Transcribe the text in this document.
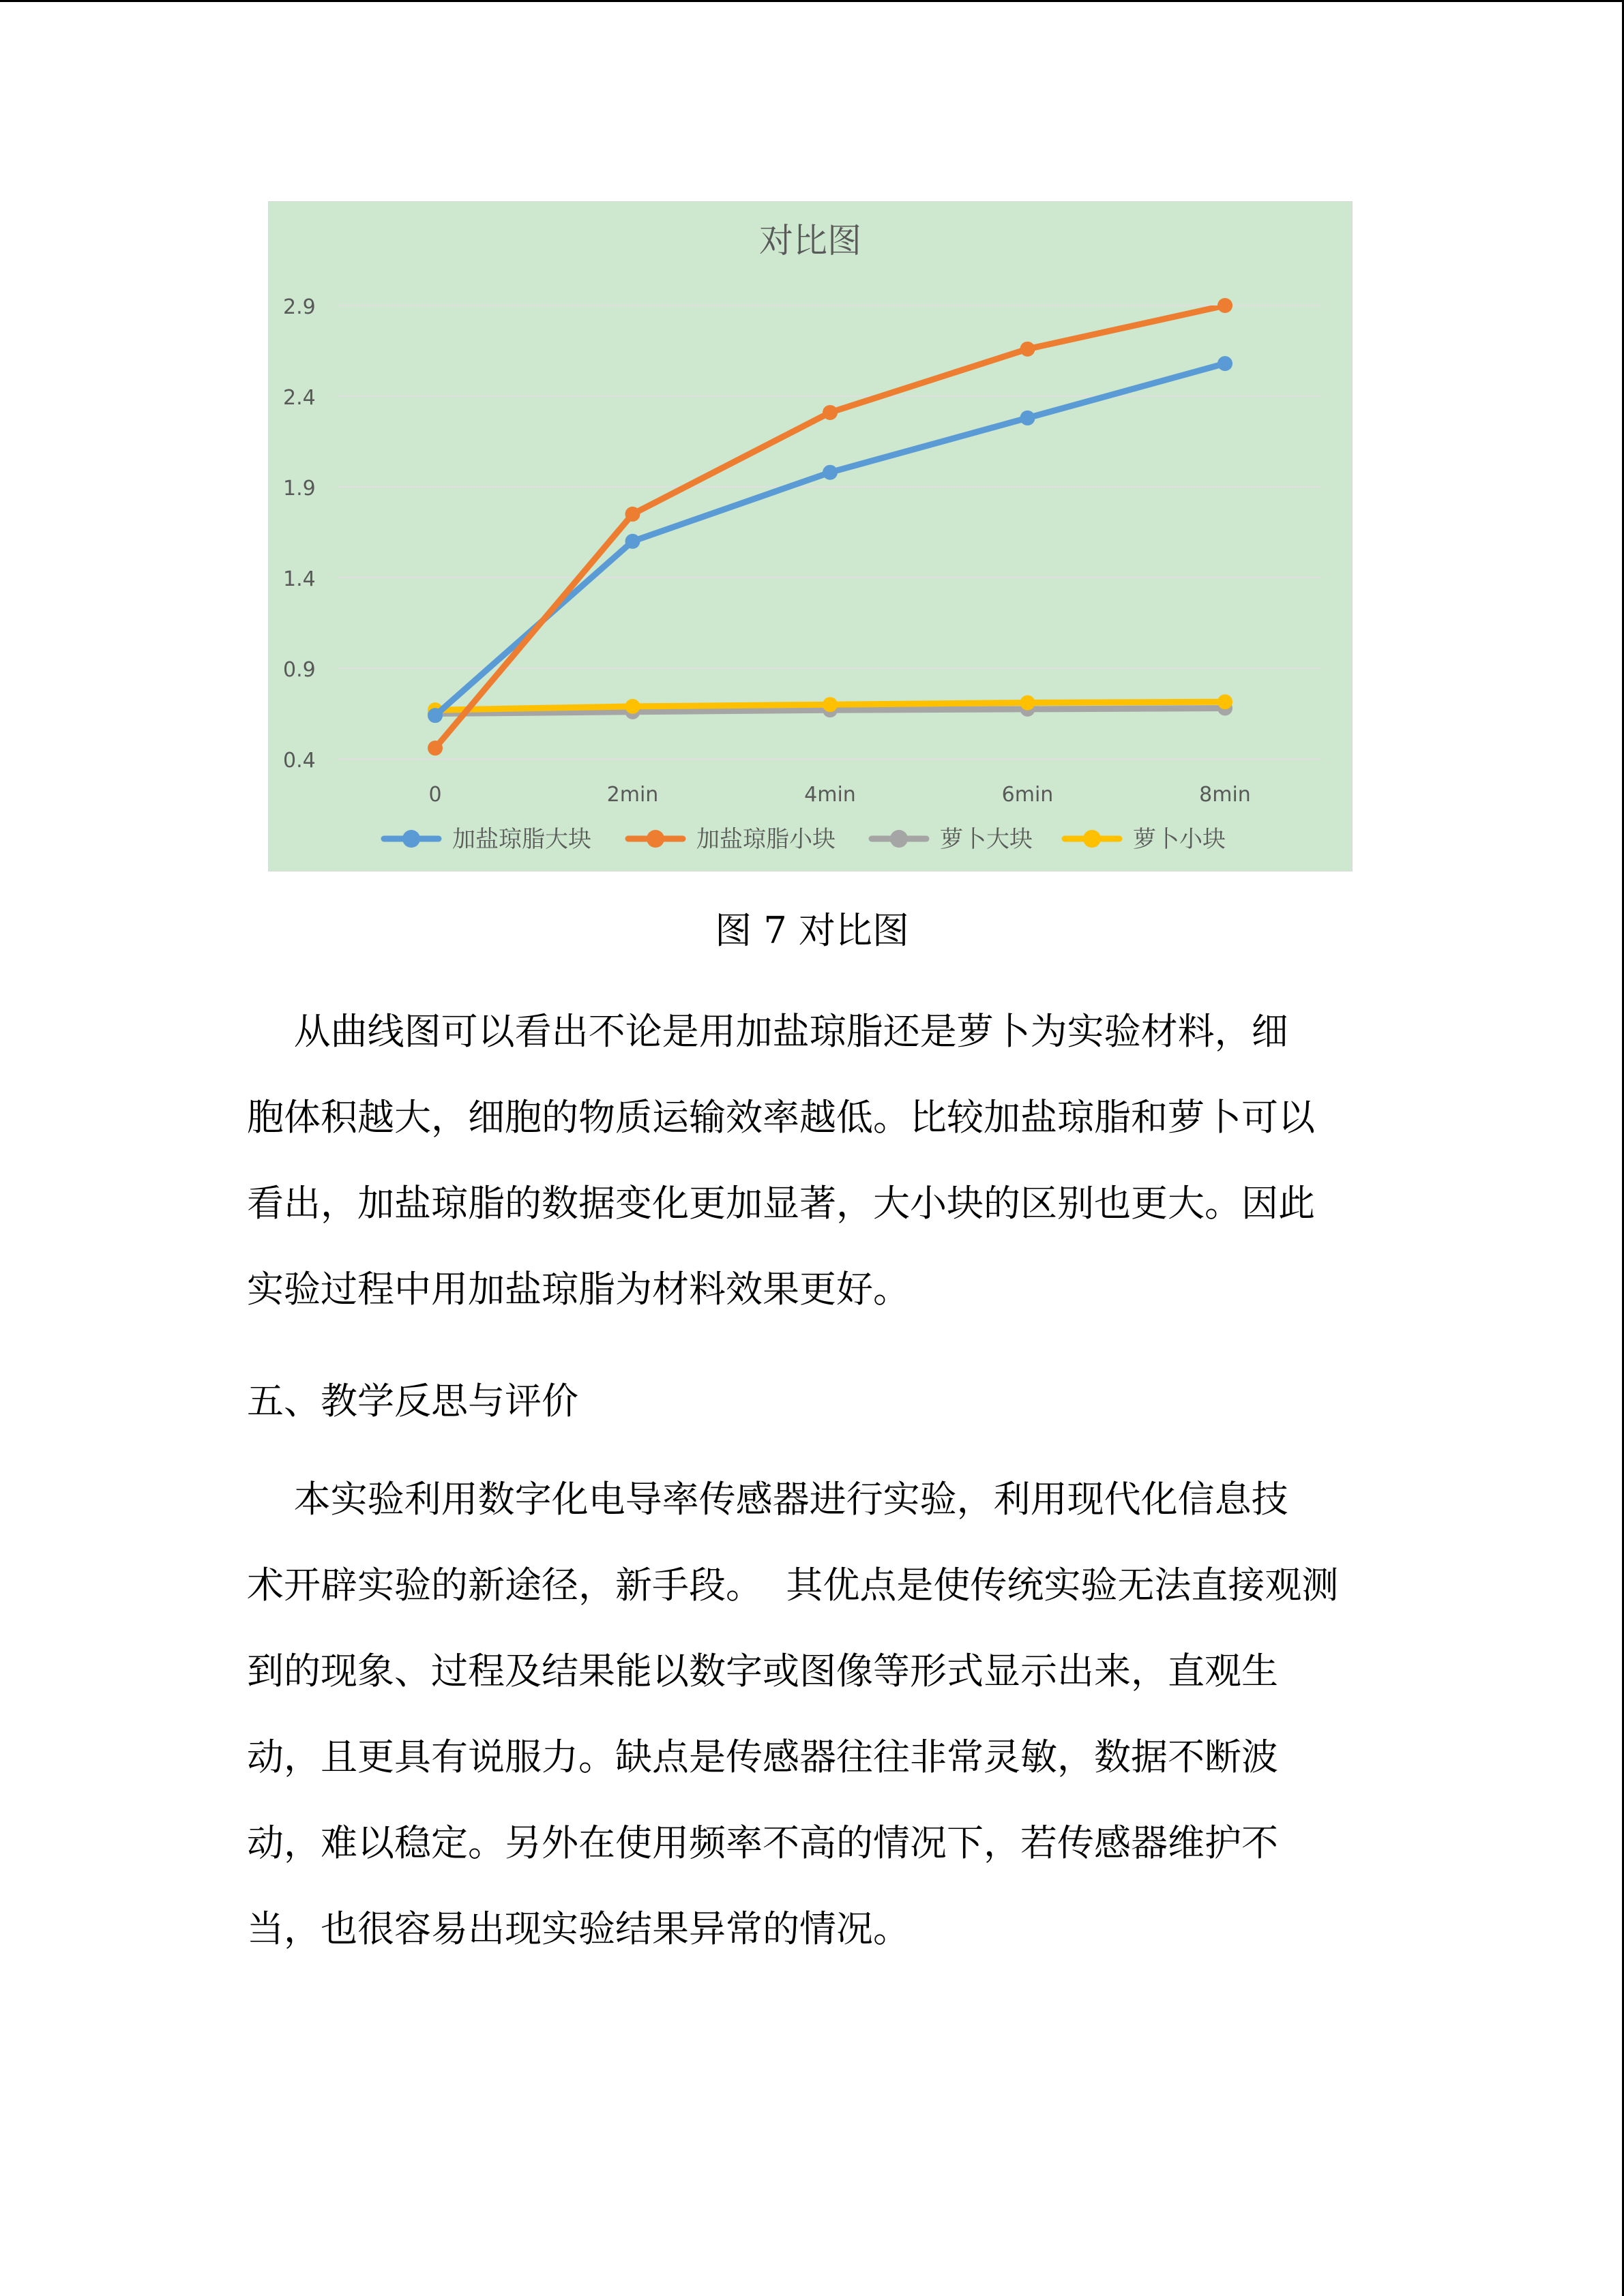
对比图
0.4
0.9
1.4
1.9
2.4
2.9
0	2min	4min	6min	8min
加盐琼脂大块	加盐琼脂小块	萝卜大块	萝卜小块
图 7 对比图
从曲线图可以看出不论是用加盐琼脂还是萝卜为实验材料，细
胞体积越大，细胞的物质运输效率越低。比较加盐琼脂和萝卜可以
看出，加盐琼脂的数据变化更加显著，大小块的区别也更大。因此
实验过程中用加盐琼脂为材料效果更好。
五、教学反思与评价
本实验利用数字化电导率传感器进行实验，利用现代化信息技
术开辟实验的新途径，新手段。  其优点是使传统实验无法直接观测
到的现象、过程及结果能以数字或图像等形式显示出来，直观生
动，且更具有说服力。缺点是传感器往往非常灵敏，数据不断波
动，难以稳定。另外在使用频率不高的情况下，若传感器维护不
当，也很容易出现实验结果异常的情况。
